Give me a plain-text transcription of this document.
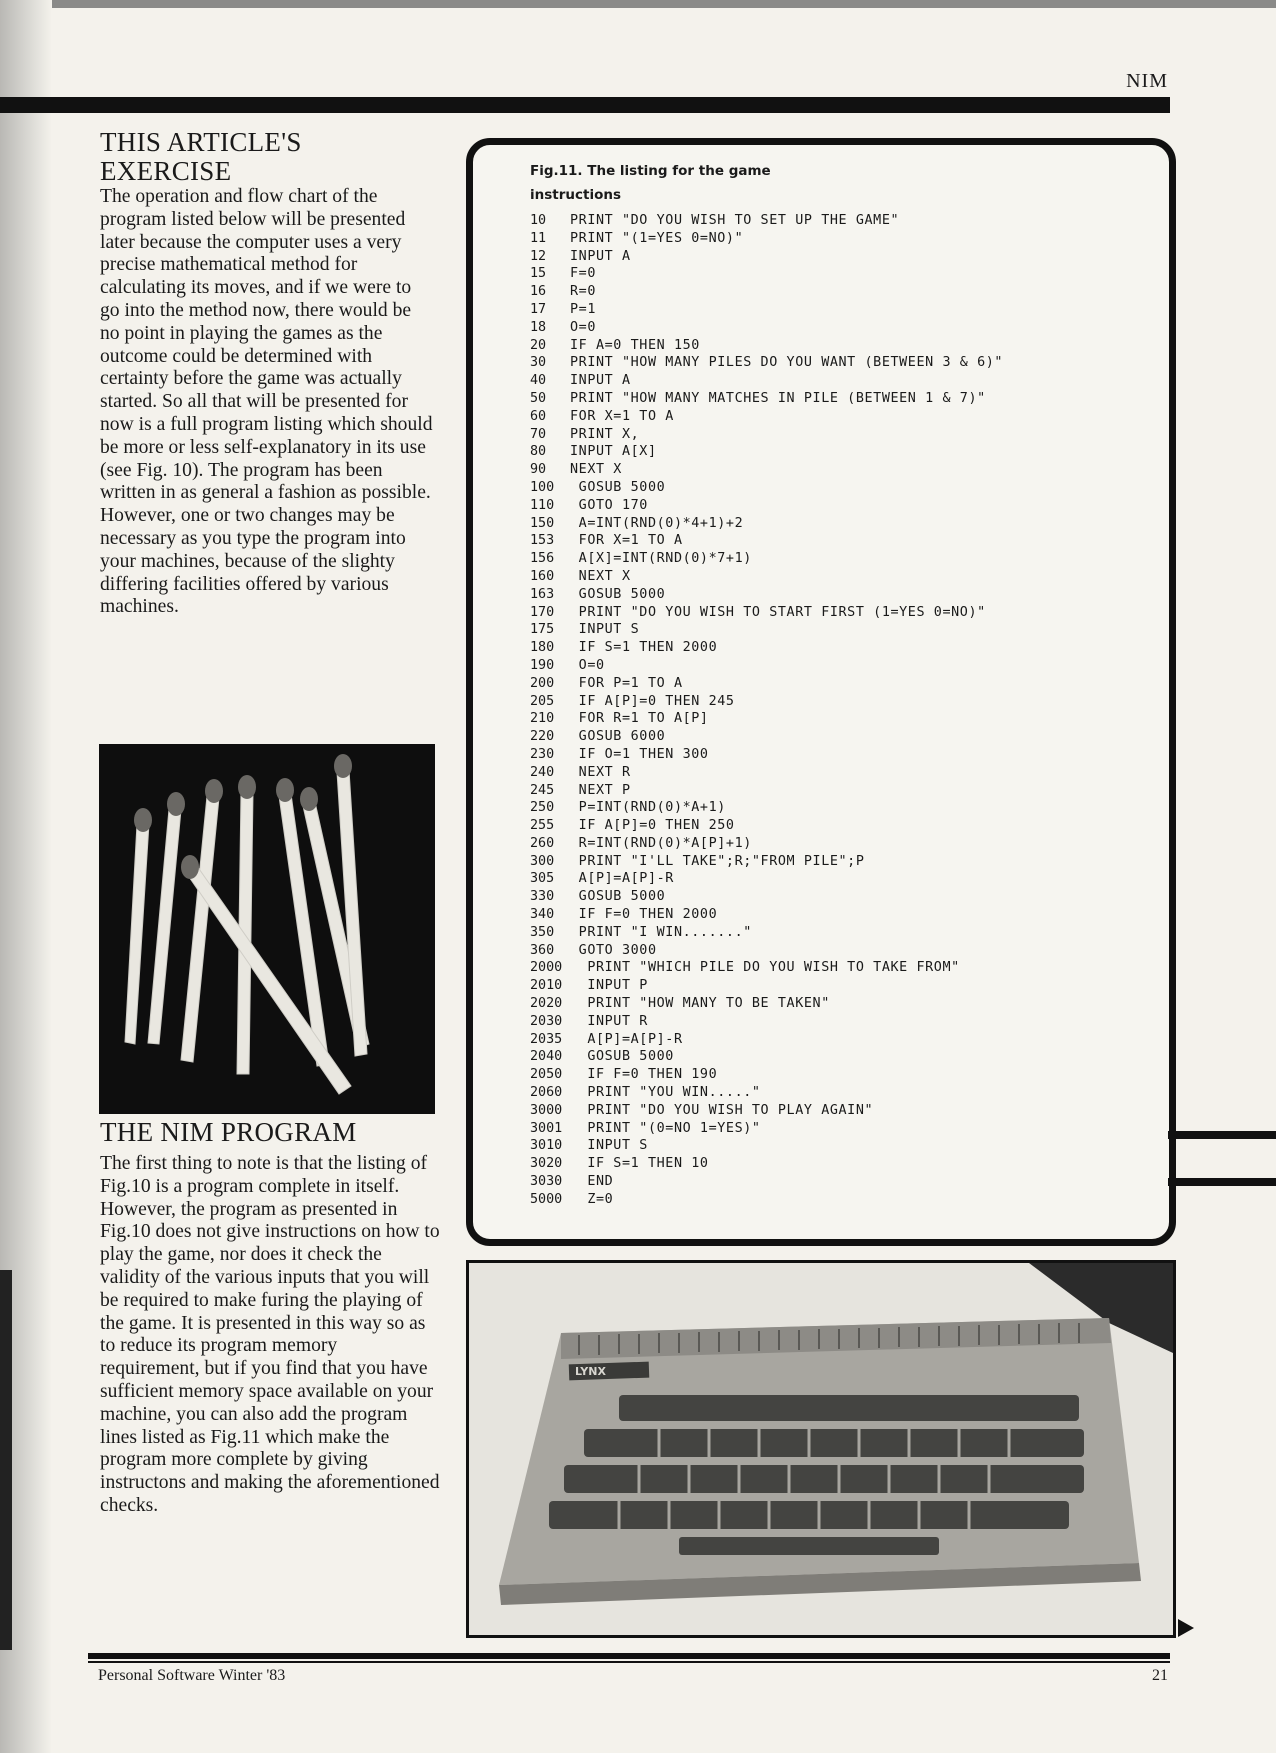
NIM
THIS ARTICLE'S EXERCISE

The operation and flow chart of the program listed below will be presented later because the computer uses a very precise mathematical method for calculating its moves, and if we were to go into the method now, there would be no point in playing the games as the outcome could be determined with certainty before the game was actually started. So all that will be presented for now is a full program listing which should be more or less self-explanatory in its use (see Fig. 10). The program has been written in as general a fashion as possible. However, one or two changes may be necessary as you type the program into your machines, because of the slighty differing facilities offered by various machines.

THE NIM PROGRAM

The first thing to note is that the listing of Fig.10 is a program complete in itself. However, the program as presented in Fig.10 does not give instructions on how to play the game, nor does it check the validity of the various inputs that you will be required to make furing the playing of the game. It is presented in this way so as to reduce its program memory requirement, but if you find that you have sufficient memory space available on your machine, you can also add the program lines listed as Fig.11 which make the program more complete by giving instructons and making the aforementioned checks.

Fig.11. The listing for the game instructions
10	PRINT "DO YOU WISH TO SET UP THE GAME"
11	PRINT "(1=YES 0=NO)"
12	INPUT A
15	F=0
16	R=0
17	P=1
18	O=0
20	IF A=0 THEN 150
30	PRINT "HOW MANY PILES DO YOU WANT (BETWEEN 3 & 6)"
40	INPUT A
50	PRINT "HOW MANY MATCHES IN PILE (BETWEEN 1 & 7)"
60	FOR X=1 TO A
70	PRINT X,
80	INPUT A[X]
90	NEXT X
100	GOSUB 5000
110	GOTO 170
150	A=INT(RND(0)*4+1)+2
153	FOR X=1 TO A
156	A[X]=INT(RND(0)*7+1)
160	NEXT X
163	GOSUB 5000
170	PRINT "DO YOU WISH TO START FIRST (1=YES 0=NO)"
175	INPUT S
180	IF S=1 THEN 2000
190	O=0
200	FOR P=1 TO A
205	IF A[P]=0 THEN 245
210	FOR R=1 TO A[P]
220	GOSUB 6000
230	IF O=1 THEN 300
240	NEXT R
245	NEXT P
250	P=INT(RND(0)*A+1)
255	IF A[P]=0 THEN 250
260	R=INT(RND(0)*A[P]+1)
300	PRINT "I'LL TAKE";R;"FROM PILE";P
305	A[P]=A[P]-R
330	GOSUB 5000
340	IF F=0 THEN 2000
350	PRINT "I WIN......."
360	GOTO 3000
2000 PRINT "WHICH PILE DO YOU WISH TO TAKE FROM"
2010 INPUT P
2020 PRINT "HOW MANY TO BE TAKEN"
2030 INPUT R
2035 A[P]=A[P]-R
2040 GOSUB 5000
2050 IF F=0 THEN 190
2060 PRINT "YOU WIN....."
3000 PRINT "DO YOU WISH TO PLAY AGAIN"
3001 PRINT "(0=NO 1=YES)"
3010 INPUT S
3020 IF S=1 THEN 10
3030 END
5000 Z=0
LYNX
Personal Software Winter '83	21
